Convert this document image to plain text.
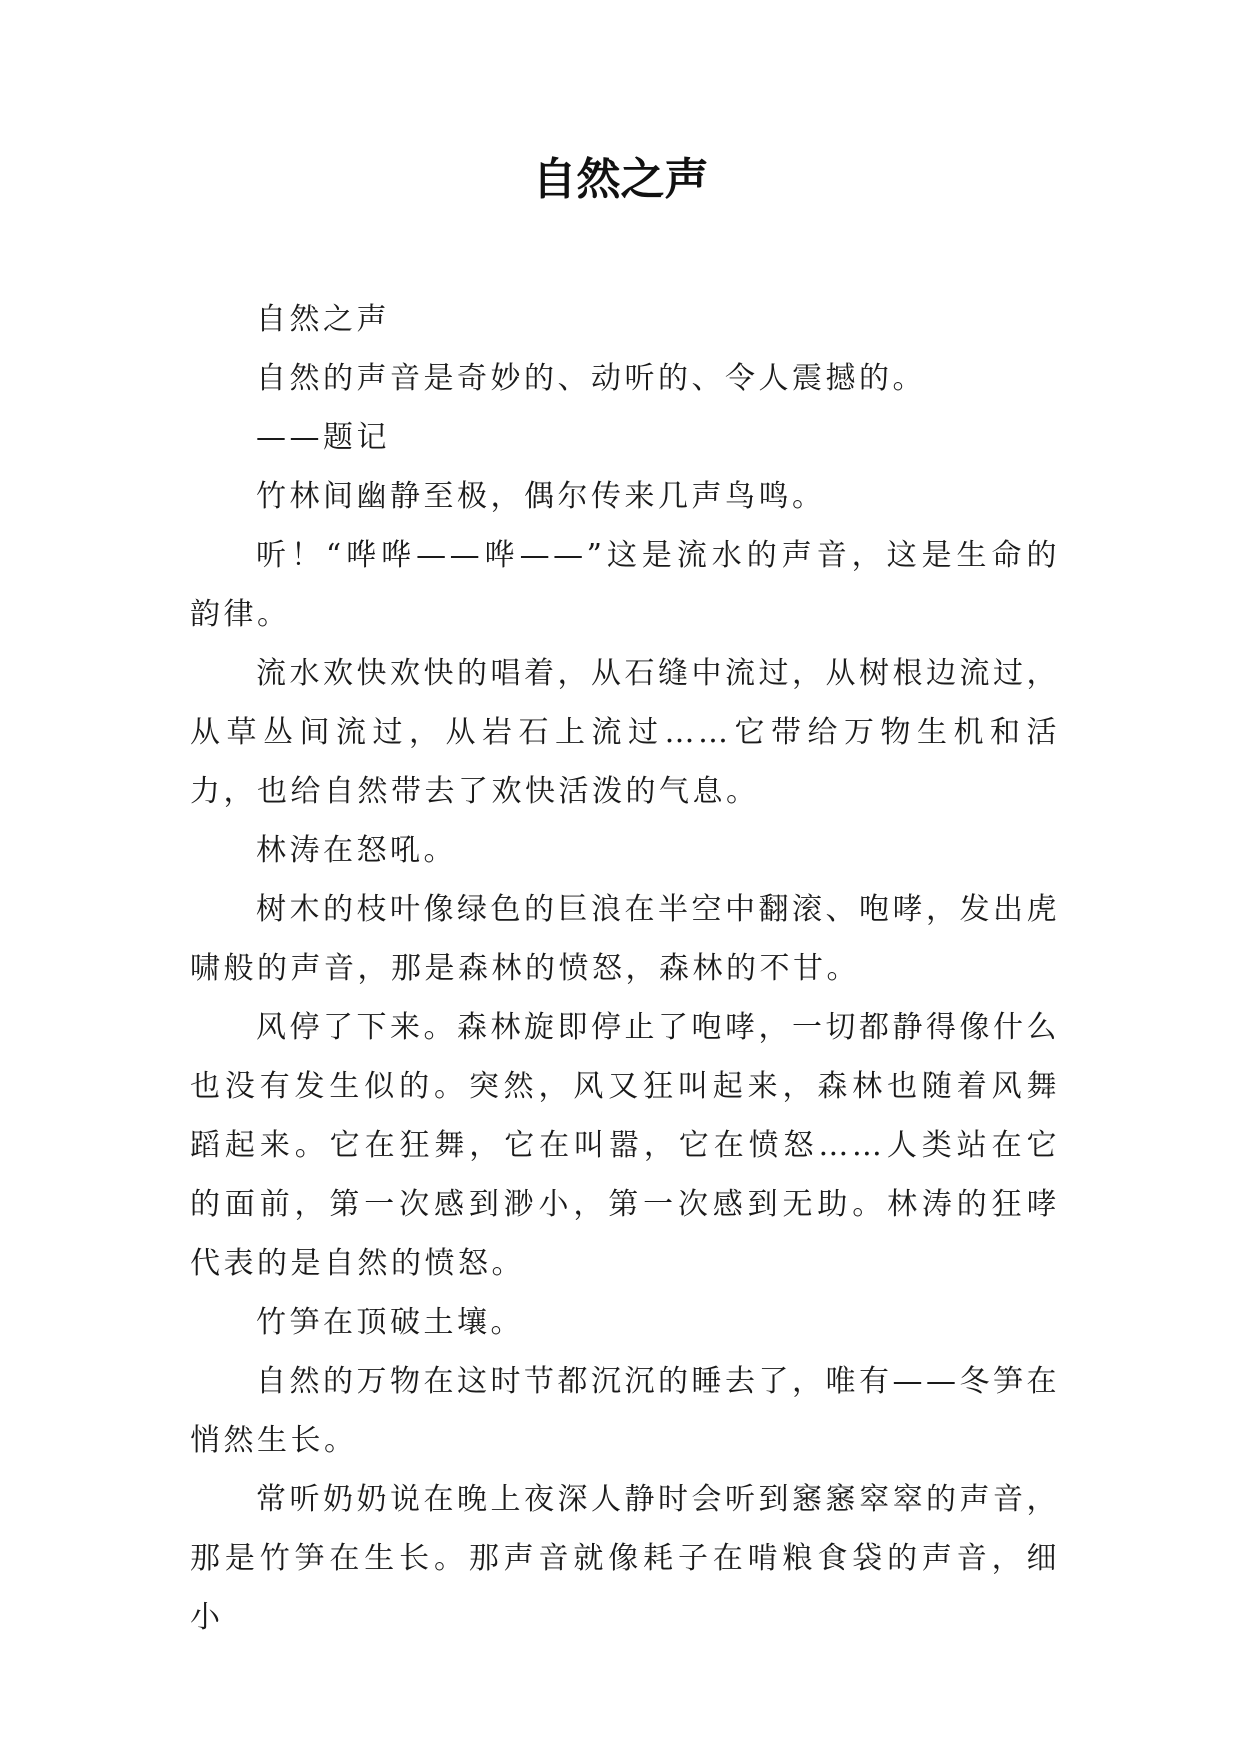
自然之声

自然之声

自然的声音是奇妙的、动听的、令人震撼的。

——题记

竹林间幽静至极，偶尔传来几声鸟鸣。

听！“哗哗——哗——”这是流水的声音，这是生命的韵律。

流水欢快欢快的唱着，从石缝中流过，从树根边流过，从草丛间流过，从岩石上流过……它带给万物生机和活力，也给自然带去了欢快活泼的气息。

林涛在怒吼。

树木的枝叶像绿色的巨浪在半空中翻滚、咆哮，发出虎啸般的声音，那是森林的愤怒，森林的不甘。

风停了下来。森林旋即停止了咆哮，一切都静得像什么也没有发生似的。突然，风又狂叫起来，森林也随着风舞蹈起来。它在狂舞，它在叫嚣，它在愤怒……人类站在它的面前，第一次感到渺小，第一次感到无助。林涛的狂哮代表的是自然的愤怒。

竹笋在顶破土壤。

自然的万物在这时节都沉沉的睡去了，唯有——冬笋在悄然生长。

常听奶奶说在晚上夜深人静时会听到窸窸窣窣的声音，那是竹笋在生长。那声音就像耗子在啃粮食袋的声音，细小
